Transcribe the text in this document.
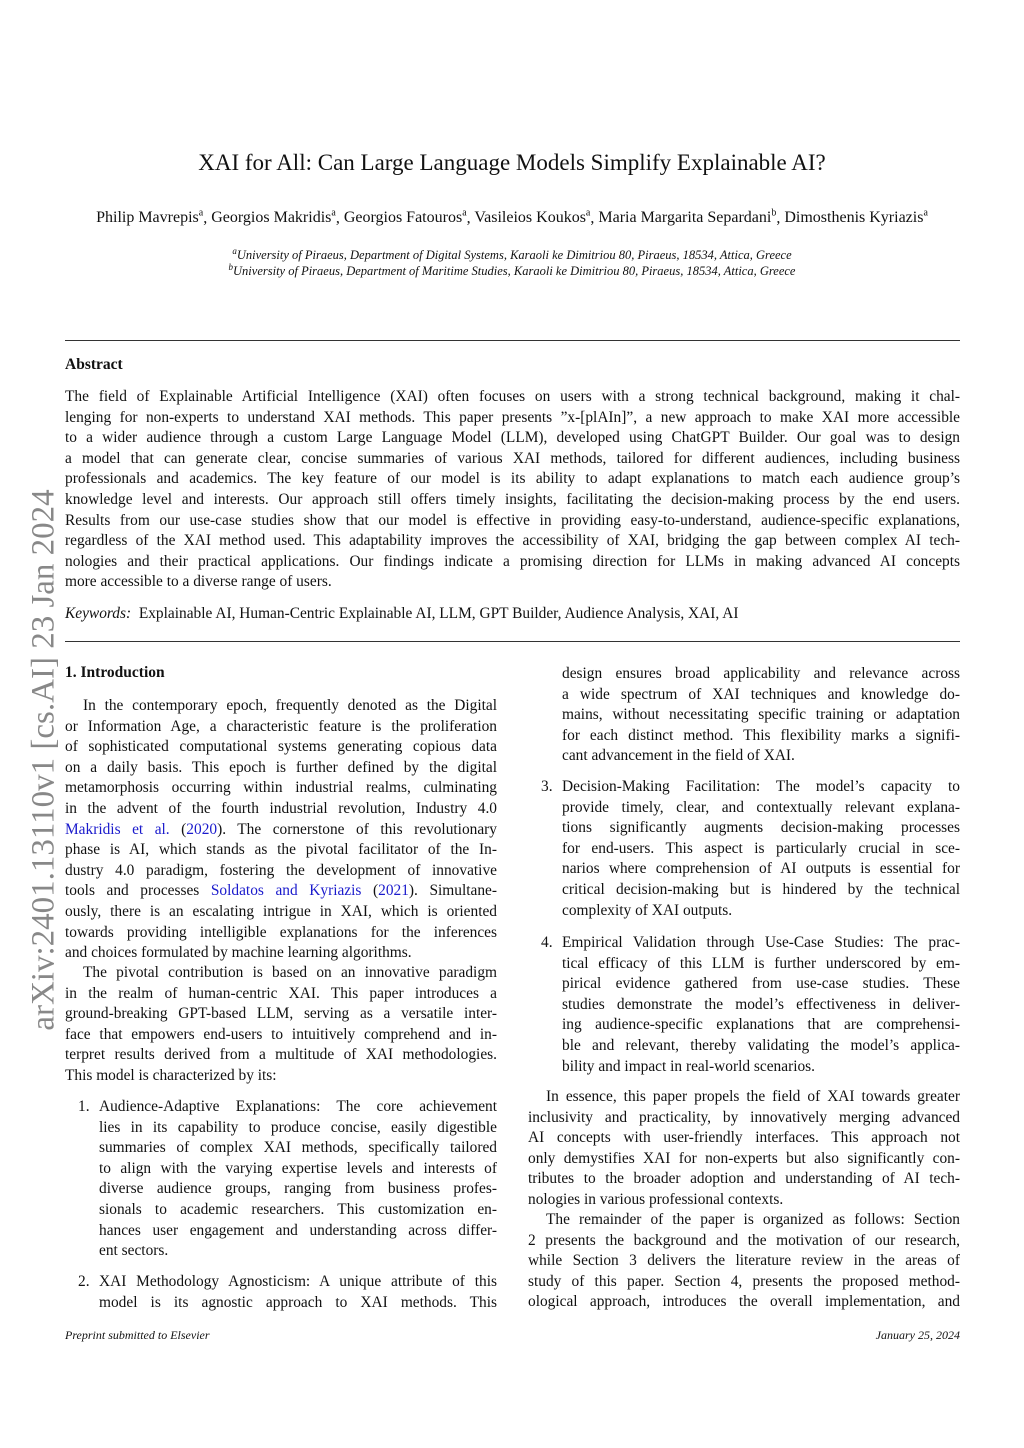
arXiv:2401.13110v1 [cs.AI] 23 Jan 2024
XAI for All: Can Large Language Models Simplify Explainable AI?
Philip Mavrepis$^a$, Georgios Makridis$^a$, Georgios Fatouros$^a$, Vasileios Koukos$^a$, Maria Margarita Separdani$^b$, Dimosthenis Kyriazis$^a$
$^a$University of Piraeus, Department of Digital Systems, Karaoli ke Dimitriou 80, Piraeus, 18534, Attica, Greece
$^b$University of Piraeus, Department of Maritime Studies, Karaoli ke Dimitriou 80, Piraeus, 18534, Attica, Greece
Abstract
The field of Explainable Artificial Intelligence (XAI) often focuses on users with a strong technical background, making it chal-
lenging for non-experts to understand XAI methods. This paper presents ”x-[plAIn]”, a new approach to make XAI more accessible
to a wider audience through a custom Large Language Model (LLM), developed using ChatGPT Builder. Our goal was to design
a model that can generate clear, concise summaries of various XAI methods, tailored for different audiences, including business
professionals and academics. The key feature of our model is its ability to adapt explanations to match each audience group’s
knowledge level and interests. Our approach still offers timely insights, facilitating the decision-making process by the end users.
Results from our use-case studies show that our model is effective in providing easy-to-understand, audience-specific explanations,
regardless of the XAI method used. This adaptability improves the accessibility of XAI, bridging the gap between complex AI tech-
nologies and their practical applications. Our findings indicate a promising direction for LLMs in making advanced AI concepts
more accessible to a diverse range of users.
Keywords: Explainable AI, Human-Centric Explainable AI, LLM, GPT Builder, Audience Analysis, XAI, AI
1. Introduction
In the contemporary epoch, frequently denoted as the Digital
or Information Age, a characteristic feature is the proliferation
of sophisticated computational systems generating copious data
on a daily basis. This epoch is further defined by the digital
metamorphosis occurring within industrial realms, culminating
in the advent of the fourth industrial revolution, Industry 4.0
Makridis et al. (2020). The cornerstone of this revolutionary
phase is AI, which stands as the pivotal facilitator of the In-
dustry 4.0 paradigm, fostering the development of innovative
tools and processes Soldatos and Kyriazis (2021). Simultane-
ously, there is an escalating intrigue in XAI, which is oriented
towards providing intelligible explanations for the inferences
and choices formulated by machine learning algorithms.
The pivotal contribution is based on an innovative paradigm
in the realm of human-centric XAI. This paper introduces a
ground-breaking GPT-based LLM, serving as a versatile inter-
face that empowers end-users to intuitively comprehend and in-
terpret results derived from a multitude of XAI methodologies.
This model is characterized by its:
1. Audience-Adaptive Explanations: The core achievement
lies in its capability to produce concise, easily digestible
summaries of complex XAI methods, specifically tailored
to align with the varying expertise levels and interests of
diverse audience groups, ranging from business profes-
sionals to academic researchers. This customization en-
hances user engagement and understanding across differ-
ent sectors.
2. XAI Methodology Agnosticism: A unique attribute of this
model is its agnostic approach to XAI methods. This
design ensures broad applicability and relevance across
a wide spectrum of XAI techniques and knowledge do-
mains, without necessitating specific training or adaptation
for each distinct method. This flexibility marks a signifi-
cant advancement in the field of XAI.
3. Decision-Making Facilitation: The model’s capacity to
provide timely, clear, and contextually relevant explana-
tions significantly augments decision-making processes
for end-users. This aspect is particularly crucial in sce-
narios where comprehension of AI outputs is essential for
critical decision-making but is hindered by the technical
complexity of XAI outputs.
4. Empirical Validation through Use-Case Studies: The prac-
tical efficacy of this LLM is further underscored by em-
pirical evidence gathered from use-case studies. These
studies demonstrate the model’s effectiveness in deliver-
ing audience-specific explanations that are comprehensi-
ble and relevant, thereby validating the model’s applica-
bility and impact in real-world scenarios.
In essence, this paper propels the field of XAI towards greater
inclusivity and practicality, by innovatively merging advanced
AI concepts with user-friendly interfaces. This approach not
only demystifies XAI for non-experts but also significantly con-
tributes to the broader adoption and understanding of AI tech-
nologies in various professional contexts.
The remainder of the paper is organized as follows: Section
2 presents the background and the motivation of our research,
while Section 3 delivers the literature review in the areas of
study of this paper. Section 4, presents the proposed method-
ological approach, introduces the overall implementation, and
Preprint submitted to Elsevier	January 25, 2024
